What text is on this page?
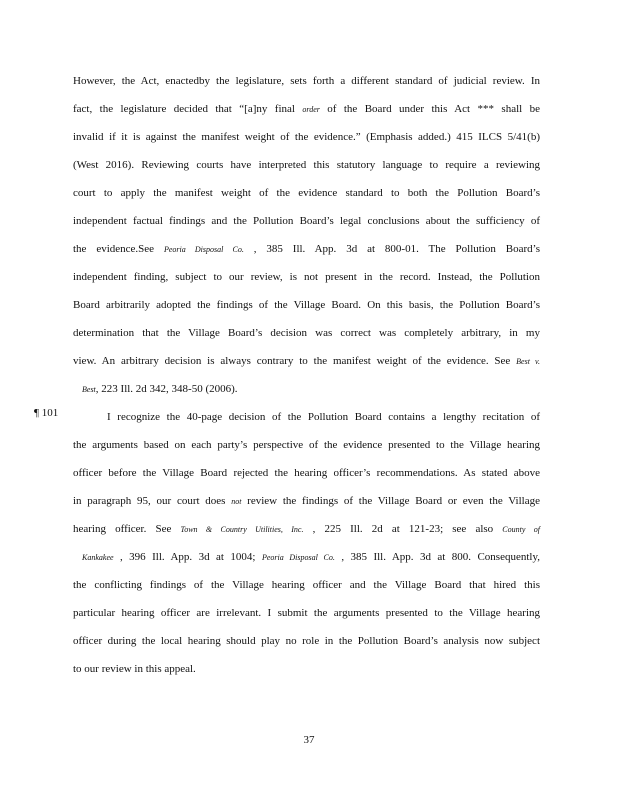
However, the Act, enactedby the legislature, sets forth a different standard of judicial review. In
fact, the legislature decided that “[a]ny final order of the Board under this Act *** shall be
invalid if it is against the manifest weight of the evidence.” (Emphasis added.) 415 ILCS 5/41(b)
(West 2016). Reviewing courts have interpreted this statutory language to require a reviewing
court to apply the manifest weight of the evidence standard to both the Pollution Board’s
independent factual findings and the Pollution Board’s legal conclusions about the sufficiency of
the evidence.See Peoria Disposal Co. , 385 Ill. App. 3d at 800-01. The Pollution Board’s
independent finding, subject to our review, is not present in the record. Instead, the Pollution
Board arbitrarily adopted the findings of the Village Board. On this basis, the Pollution Board’s
determination that the Village Board’s decision was correct was completely arbitrary, in my
view. An arbitrary decision is always contrary to the manifest weight of the evidence. See Best v.
Best, 223 Ill. 2d 342, 348-50 (2006).
I recognize the 40-page decision of the Pollution Board contains a lengthy recitation of
the arguments based on each party’s perspective of the evidence presented to the Village hearing
officer before the Village Board rejected the hearing officer’s recommendations. As stated above
in paragraph 95, our court does not review the findings of the Village Board or even the Village
hearing officer. See Town & Country Utilities, Inc. , 225 Ill. 2d at 121-23; see also County of
Kankakee , 396 Ill. App. 3d at 1004; Peoria Disposal Co. , 385 Ill. App. 3d at 800. Consequently,
the conflicting findings of the Village hearing officer and the Village Board that hired this
particular hearing officer are irrelevant. I submit the arguments presented to the Village hearing
officer during the local hearing should play no role in the Pollution Board’s analysis now subject
to our review in this appeal.
¶ 101
37
